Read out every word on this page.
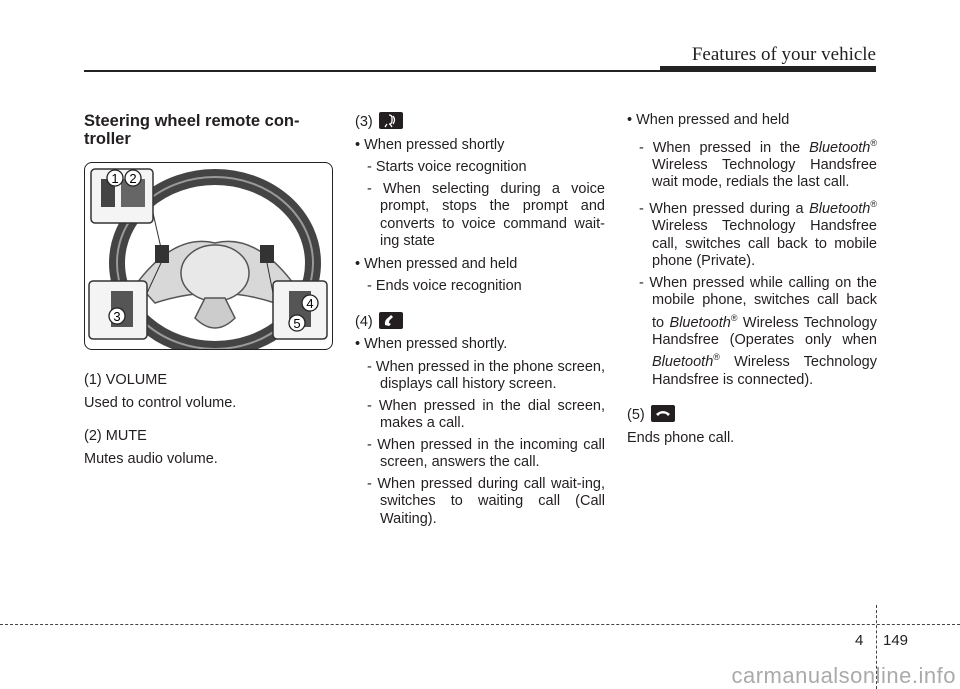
Features of your vehicle
Steering wheel remote con-troller
1 2
3
4
5

(1) VOLUME

Used to control volume.

(2) MUTE

Mutes audio volume.

(3)

• When pressed shortly

- Starts voice recognition

- When selecting during a voice prompt, stops the prompt and converts to voice command wait-ing state

• When pressed and held

- Ends voice recognition

(4)

• When pressed shortly.

- When pressed in the phone screen, displays call history screen.

- When pressed in the dial screen, makes a call.

- When pressed in the incoming call screen, answers the call.

- When pressed during call wait-ing, switches to waiting call (Call Waiting).

• When pressed and held

- When pressed in the Bluetooth® Wireless Technology Handsfree wait mode, redials the last call.

- When pressed during a Bluetooth® Wireless Technology Handsfree call, switches call back to mobile phone (Private).

- When pressed while calling on the mobile phone, switches call back to Bluetooth® Wireless Technology Handsfree (Operates only when Bluetooth® Wireless Technology Handsfree is connected).

(5)

Ends phone call.

4 149
carmanualsonline.info
